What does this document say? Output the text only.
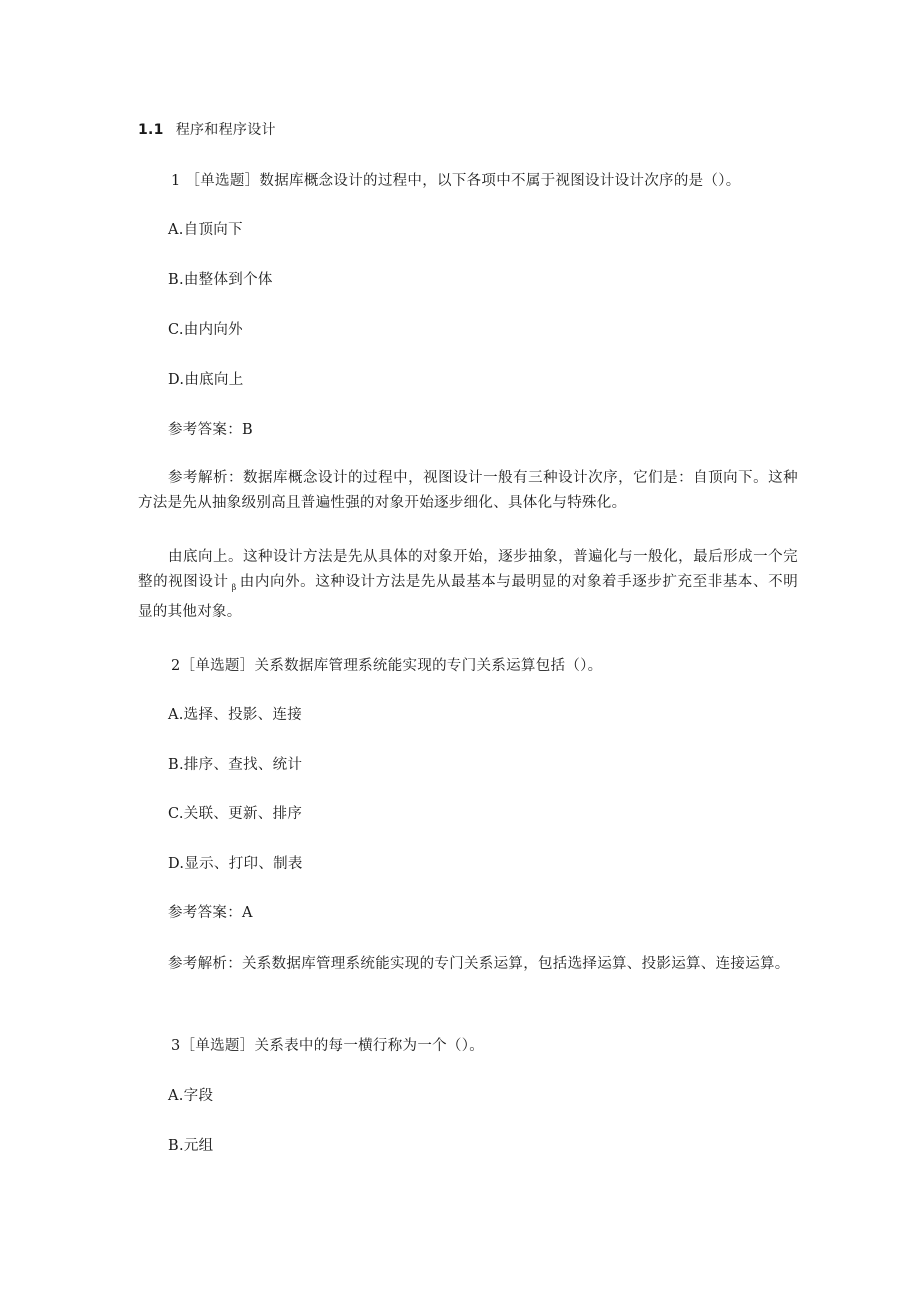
1.1 程序和程序设计
1 ［单选题］数据库概念设计的过程中，以下各项中不属于视图设计设计次序的是（）。
A.自顶向下
B.由整体到个体
C.由内向外
D.由底向上
参考答案：B
参考解析：数据库概念设计的过程中，视图设计一般有三种设计次序，它们是：自顶向下。这种方法是先从抽象级别高且普遍性强的对象开始逐步细化、具体化与特殊化。
由底向上。这种设计方法是先从具体的对象开始，逐步抽象，普遍化与一般化，最后形成一个完整的视图设计 $_\beta$ 由内向外。这种设计方法是先从最基本与最明显的对象着手逐步扩充至非基本、不明显的其他对象。
2［单选题］关系数据库管理系统能实现的专门关系运算包括（）。
A.选择、投影、连接
B.排序、查找、统计
C.关联、更新、排序
D.显示、打印、制表
参考答案：A
参考解析：关系数据库管理系统能实现的专门关系运算，包括选择运算、投影运算、连接运算。
3［单选题］关系表中的每一横行称为一个（）。
A.字段
B.元组
